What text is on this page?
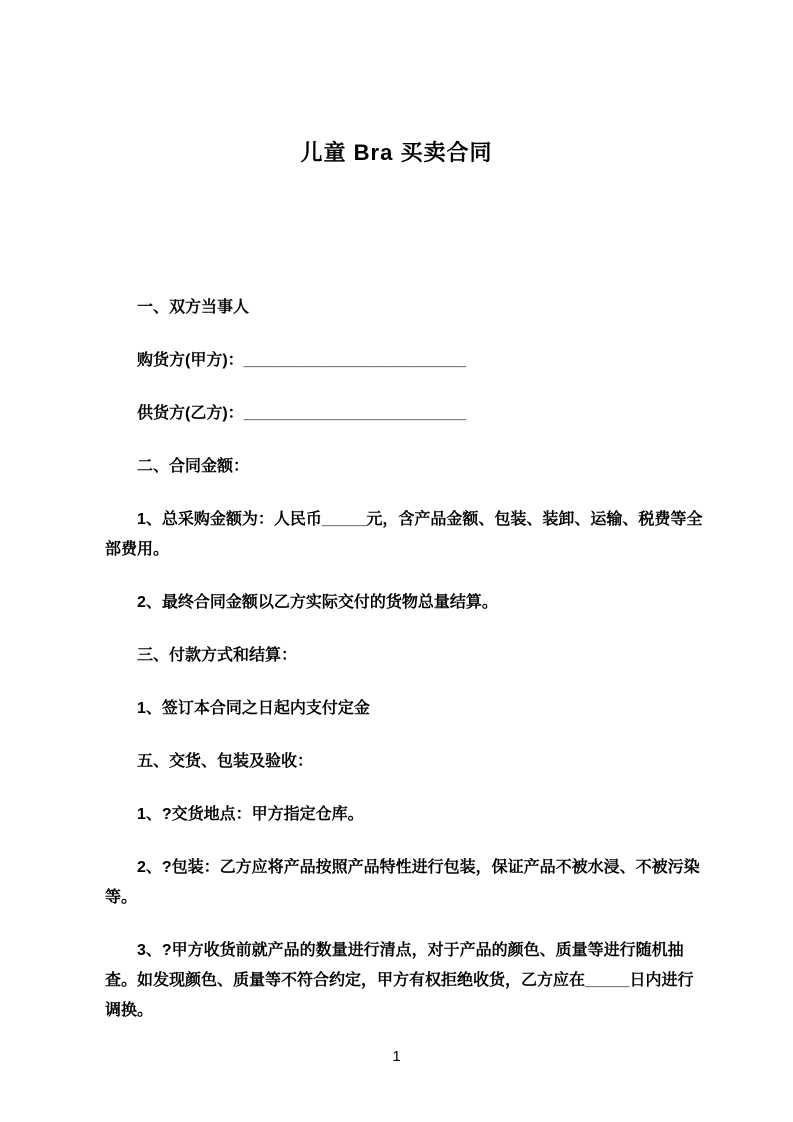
儿童 Bra 买卖合同

一、双方当事人

购货方(甲方)：_________________________

供货方(乙方)：_________________________

二、合同金额：

1、总采购金额为：人民币_____元，含产品金额、包装、装卸、运输、税费等全部费用。

2、最终合同金额以乙方实际交付的货物总量结算。

三、付款方式和结算：

1、签订本合同之日起内支付定金

五、交货、包装及验收：

1、?交货地点：甲方指定仓库。

2、?包装：乙方应将产品按照产品特性进行包装，保证产品不被水浸、不被污染等。

3、?甲方收货前就产品的数量进行清点，对于产品的颜色、质量等进行随机抽查。如发现颜色、质量等不符合约定，甲方有权拒绝收货，乙方应在_____日内进行调换。

1
